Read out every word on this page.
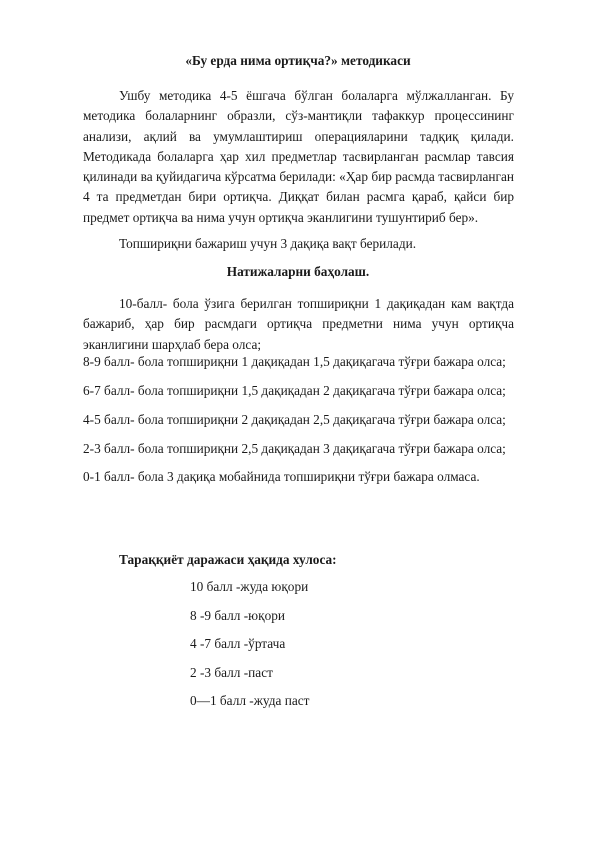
«Бу ерда нима ортиқча?» методикаси

Ушбу методика 4-5 ёшгача бўлган болаларга мўлжалланган. Бу методика болаларнинг образли, сўз-мантиқли тафаккур процессининг анализи, ақлий ва умумлаштириш операцияларини тадқиқ қилади. Методикада болаларга ҳар хил предметлар тасвирланган расмлар тавсия қилинади ва қуйидагича кўрсатма берилади: «Ҳар бир расмда тасвирланган 4 та предметдан бири ортиқча. Диққат билан расмга қараб, қайси бир предмет ортиқча ва нима учун ортиқча эканлигини тушунтириб бер».

Топшириқни бажариш учун 3 дақиқа вақт берилади.

Натижаларни баҳолаш.

10-балл- бола ўзига берилган топшириқни 1 дақиқадан кам вақтда бажариб, ҳар бир расмдаги ортиқча предметни нима учун ортиқча эканлигини шарҳлаб бера олса;

8-9 балл- бола топшириқни 1 дақиқадан 1,5 дақиқагача тўғри бажара олса;

6-7 балл- бола топшириқни 1,5 дақиқадан 2 дақиқагача тўғри бажара олса;

4-5 балл- бола топшириқни 2 дақиқадан 2,5 дақиқагача тўғри бажара олса;

2-3 балл- бола топшириқни 2,5 дақиқадан 3 дақиқагача тўғри бажара олса;

0-1 балл- бола 3 дақиқа мобайнида топшириқни тўғри бажара олмаса.

Тараққиёт даражаси ҳақида хулоса:

10 балл -жуда юқори

8 -9 балл -юқори

4 -7 балл -ўртача

2 -3 балл -паст

0—1 балл -жуда паст
